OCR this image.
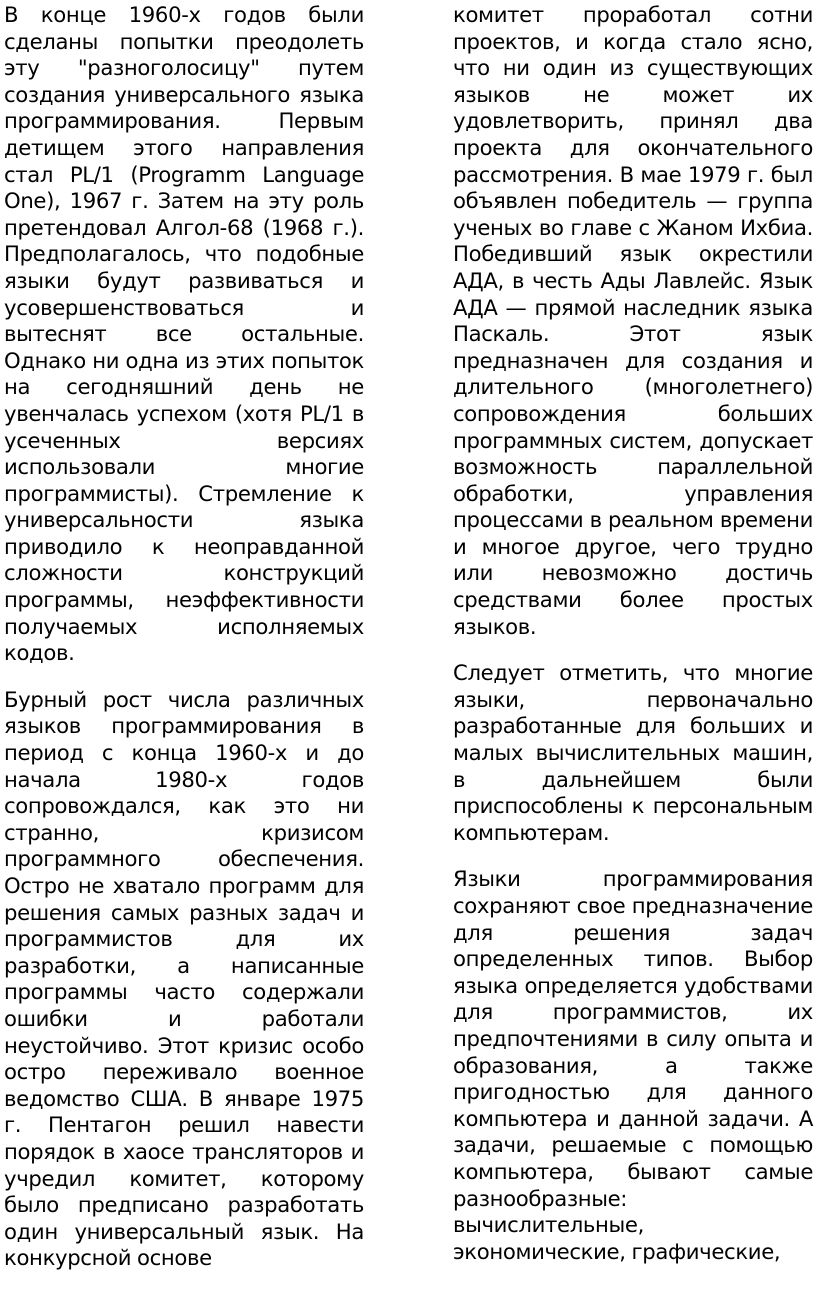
В конце 1960-х годов были сделаны попытки преодолеть эту "разноголосицу" путем создания универсального языка программирования. Первым детищем этого направления стал PL/1 (Programm Language One), 1967 г. Затем на эту роль претендовал Алгол-68 (1968 г.). Предполагалось, что подобные языки будут развиваться и усовершенствоваться и вытеснят все остальные. Однако ни одна из этих попыток на сегодняшний день не увенчалась успехом (хотя PL/1 в усеченных версиях использовали многие программисты). Стремление к универсальности языка приводило к неоправданной сложности конструкций программы, неэффективности получаемых исполняемых кодов.

Бурный рост числа различных языков программирования в период с конца 1960-х и до начала 1980-х годов сопровождался, как это ни странно, кризисом программного обеспечения. Остро не хватало программ для решения самых разных задач и программистов для их разработки, а написанные программы часто содержали ошибки и работали неустойчиво. Этот кризис особо остро переживало военное ведомство США. В январе 1975 г. Пентагон решил навести порядок в хаосе трансляторов и учредил комитет, которому было предписано разработать один универсальный язык. На конкурсной основе

комитет проработал сотни проектов, и когда стало ясно, что ни один из существующих языков не может их удовлетворить, принял два проекта для окончательного рассмотрения. В мае 1979 г. был объявлен победитель — группа ученых во главе с Жаном Ихбиа. Победивший язык окрестили АДА, в честь Ады Лавлейс. Язык АДА — прямой наследник языка Паскаль. Этот язык предназначен для создания и длительного (многолетнего) сопровождения больших программных систем, допускает возможность параллельной обработки, управления процессами в реальном времени и многое другое, чего трудно или невозможно достичь средствами более простых языков.

Следует отметить, что многие языки, первоначально разработанные для больших и малых вычислительных машин, в дальнейшем были приспособлены к персональным компьютерам.

Языки программирования сохраняют свое предназначение для решения задач определенных типов. Выбор языка определяется удобствами для программистов, их предпочтениями в силу опыта и образования, а также пригодностью для данного компьютера и данной задачи. А задачи, решаемые с помощью компьютера, бывают самые разнообразные: вычислительные, экономические, графические,
